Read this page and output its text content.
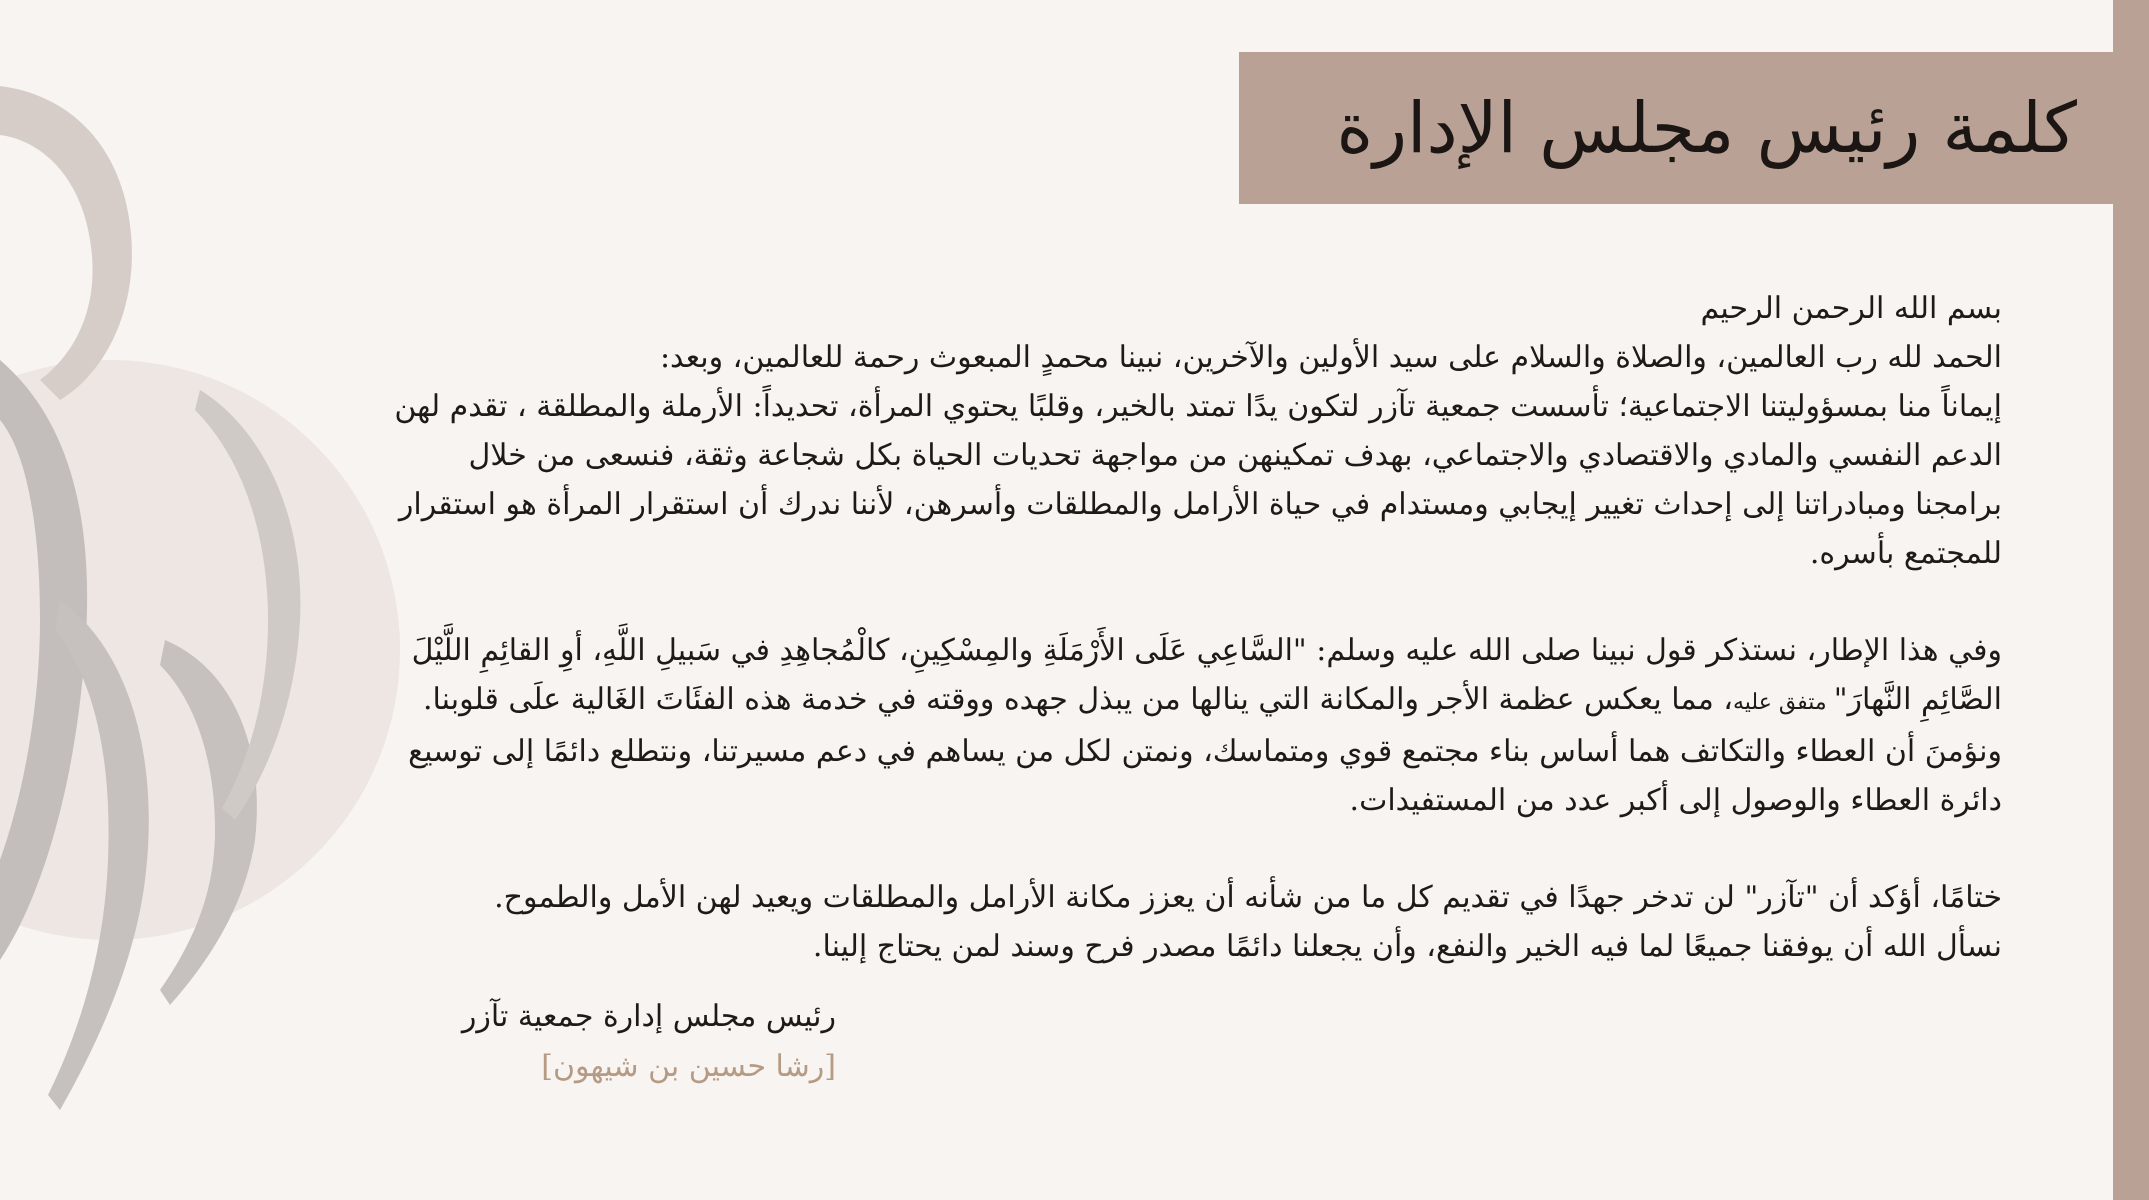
كلمة رئيس مجلس الإدارة
بسم الله الرحمن الرحيم
الحمد لله رب العالمين، والصلاة والسلام على سيد الأولين والآخرين، نبينا محمدٍ المبعوث رحمة للعالمين، وبعد:
إيماناً منا بمسؤوليتنا الاجتماعية؛ تأسست جمعية تآزر لتكون يدًا تمتد بالخير، وقلبًا يحتوي المرأة، تحديداً: الأرملة والمطلقة ، تقدم لهن
الدعم النفسي والمادي والاقتصادي والاجتماعي، بهدف تمكينهن من مواجهة تحديات الحياة بكل شجاعة وثقة، فنسعى من خلال
برامجنا ومبادراتنا إلى إحداث تغيير إيجابي ومستدام في حياة الأرامل والمطلقات وأسرهن، لأننا ندرك أن استقرار المرأة هو استقرار
للمجتمع بأسره.
وفي هذا الإطار، نستذكر قول نبينا صلى الله عليه وسلم: "السَّاعِي عَلَى الأَرْمَلَةِ والمِسْكِينِ، كالْمُجاهِدِ في سَبيلِ اللَّهِ، أوِ القائِمِ اللَّيْلَ
الصَّائِمِ النَّهارَ" متفق عليه، مما يعكس عظمة الأجر والمكانة التي ينالها من يبذل جهده ووقته في خدمة هذه الفئَاتَ الغَالية علَى قلوبنا.
ونؤمنَ أن العطاء والتكاتف هما أساس بناء مجتمع قوي ومتماسك، ونمتن لكل من يساهم في دعم مسيرتنا، ونتطلع دائمًا إلى توسيع
دائرة العطاء والوصول إلى أكبر عدد من المستفيدات.
ختامًا، أؤكد أن "تآزر" لن تدخر جهدًا في تقديم كل ما من شأنه أن يعزز مكانة الأرامل والمطلقات ويعيد لهن الأمل والطموح.
نسأل الله أن يوفقنا جميعًا لما فيه الخير والنفع، وأن يجعلنا دائمًا مصدر فرح وسند لمن يحتاج إلينا.
رئيس مجلس إدارة جمعية تآزر
[رشا حسين بن شيهون]
